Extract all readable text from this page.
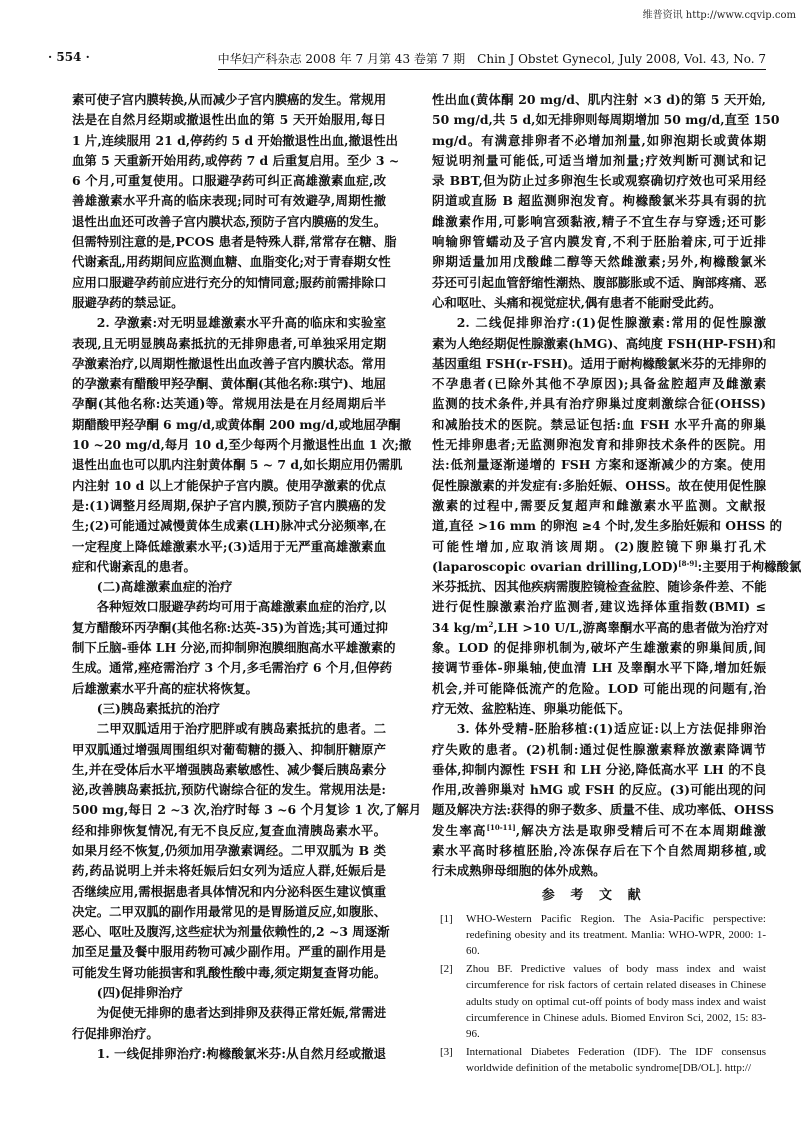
维普资讯 http://www.cqvip.com
· 554 ·	中华妇产科杂志 2008 年 7 月第 43 卷第 7 期　Chin J Obstet Gynecol, July 2008, Vol. 43, No. 7
素可使子宫内膜转换,从而减少子宫内膜癌的发生。常规用
法是在自然月经期或撤退性出血的第 5 天开始服用,每日
1 片,连续服用 21 d,停药约 5 d 开始撤退性出血,撤退性出
血第 5 天重新开始用药,或停药 7 d 后重复启用。至少 3 ~
6 个月,可重复使用。口服避孕药可纠正高雄激素血症,改
善雄激素水平升高的临床表现;同时可有效避孕,周期性撤
退性出血还可改善子宫内膜状态,预防子宫内膜癌的发生。
但需特别注意的是,PCOS 患者是特殊人群,常常存在糖、脂
代谢紊乱,用药期间应监测血糖、血脂变化;对于青春期女性
应用口服避孕药前应进行充分的知情同意;服药前需排除口
服避孕药的禁忌证。
2. 孕激素:对无明显雄激素水平升高的临床和实验室
表现,且无明显胰岛素抵抗的无排卵患者,可单独采用定期
孕激素治疗,以周期性撤退性出血改善子宫内膜状态。常用
的孕激素有醋酸甲羟孕酮、黄体酮(其他名称:琪宁)、地屈
孕酮(其他名称:达芙通)等。常规用法是在月经周期后半
期醋酸甲羟孕酮 6 mg/d,或黄体酮 200 mg/d,或地屈孕酮
10 ~20 mg/d,每月 10 d,至少每两个月撤退性出血 1 次;撤
退性出血也可以肌内注射黄体酮 5 ~ 7 d,如长期应用仍需肌
内注射 10 d 以上才能保护子宫内膜。使用孕激素的优点
是:(1)调整月经周期,保护子宫内膜,预防子宫内膜癌的发
生;(2)可能通过减慢黄体生成素(LH)脉冲式分泌频率,在
一定程度上降低雄激素水平;(3)适用于无严重高雄激素血
症和代谢紊乱的患者。
(二)高雄激素血症的治疗
各种短效口服避孕药均可用于高雄激素血症的治疗,以
复方醋酸环丙孕酮(其他名称:达英-35)为首选;其可通过抑
制下丘脑-垂体 LH 分泌,而抑制卵泡膜细胞高水平雄激素的
生成。通常,痤疮需治疗 3 个月,多毛需治疗 6 个月,但停药
后雄激素水平升高的症状将恢复。
(三)胰岛素抵抗的治疗
二甲双胍适用于治疗肥胖或有胰岛素抵抗的患者。二
甲双胍通过增强周围组织对葡萄糖的摄入、抑制肝糖原产
生,并在受体后水平增强胰岛素敏感性、减少餐后胰岛素分
泌,改善胰岛素抵抗,预防代谢综合征的发生。常规用法是:
500 mg,每日 2 ~3 次,治疗时每 3 ~6 个月复诊 1 次,了解月
经和排卵恢复情况,有无不良反应,复查血清胰岛素水平。
如果月经不恢复,仍须加用孕激素调经。二甲双胍为 B 类
药,药品说明上并未将妊娠后妇女列为适应人群,妊娠后是
否继续应用,需根据患者具体情况和内分泌科医生建议慎重
决定。二甲双胍的副作用最常见的是胃肠道反应,如腹胀、
恶心、呕吐及腹泻,这些症状为剂量依赖性的,2 ~3 周逐渐
加至足量及餐中服用药物可减少副作用。严重的副作用是
可能发生肾功能损害和乳酸性酸中毒,须定期复查肾功能。
(四)促排卵治疗
为促使无排卵的患者达到排卵及获得正常妊娠,常需进
行促排卵治疗。
1. 一线促排卵治疗:枸橼酸氯米芬:从自然月经或撤退
性出血(黄体酮 20 mg/d、肌内注射 ×3 d)的第 5 天开始,
50 mg/d,共 5 d,如无排卵则每周期增加 50 mg/d,直至 150
mg/d。有满意排卵者不必增加剂量,如卵泡期长或黄体期
短说明剂量可能低,可适当增加剂量;疗效判断可测试和记
录 BBT,但为防止过多卵泡生长或观察确切疗效也可采用经
阴道或直肠 B 超监测卵泡发育。枸橼酸氯米芬具有弱的抗
雌激素作用,可影响宫颈黏液,精子不宜生存与穿透;还可影
响输卵管蠕动及子宫内膜发育,不利于胚胎着床,可于近排
卵期适量加用戊酸雌二醇等天然雌激素;另外,枸橼酸氯米
芬还可引起血管舒缩性潮热、腹部膨胀或不适、胸部疼痛、恶
心和呕吐、头痛和视觉症状,偶有患者不能耐受此药。
2. 二线促排卵治疗:(1)促性腺激素:常用的促性腺激
素为人绝经期促性腺激素(hMG)、高纯度 FSH(HP-FSH)和
基因重组 FSH(r-FSH)。适用于耐枸橼酸氯米芬的无排卵的
不孕患者(已除外其他不孕原因);具备盆腔超声及雌激素
监测的技术条件,并具有治疗卵巢过度刺激综合征(OHSS)
和减胎技术的医院。禁忌证包括:血 FSH 水平升高的卵巢
性无排卵患者;无监测卵泡发育和排卵技术条件的医院。用
法:低剂量逐渐递增的 FSH 方案和逐渐减少的方案。使用
促性腺激素的并发症有:多胎妊娠、OHSS。故在使用促性腺
激素的过程中,需要反复超声和雌激素水平监测。文献报
道,直径 >16 mm 的卵泡 ≥4 个时,发生多胎妊娠和 OHSS 的
可能性增加,应取消该周期。(2)腹腔镜下卵巢打孔术
(laparoscopic ovarian drilling,LOD)[8-9]:主要用于枸橼酸氯
米芬抵抗、因其他疾病需腹腔镜检查盆腔、随诊条件差、不能
进行促性腺激素治疗监测者,建议选择体重指数(BMI) ≤
34 $kg/m^2,LH >10$ U/L,游离睾酮水平高的患者做为治疗对
象。LOD 的促排卵机制为,破坏产生雄激素的卵巢间质,间
接调节垂体-卵巢轴,使血清 LH 及睾酮水平下降,增加妊娠
机会,并可能降低流产的危险。LOD 可能出现的问题有,治
疗无效、盆腔粘连、卵巢功能低下。
3. 体外受精-胚胎移植:(1)适应证:以上方法促排卵治
疗失败的患者。(2)机制:通过促性腺激素释放激素降调节
垂体,抑制内源性 FSH 和 LH 分泌,降低高水平 LH 的不良
作用,改善卵巢对 hMG 或 FSH 的反应。(3)可能出现的问
题及解决方法:获得的卵子数多、质量不佳、成功率低、OHSS
发生率高[10-11],解决方法是取卵受精后可不在本周期雌激
素水平高时移植胚胎,冷冻保存后在下个自然周期移植,或
行未成熟卵母细胞的体外成熟。
参考文献
[1]	WHO-Western Pacific Region. The Asia-Pacific perspective: redefining obesity and its treatment. Manlia: WHO-WPR, 2000: 1-60.
[2]	Zhou BF. Predictive values of body mass index and waist circumference for risk factors of certain related diseases in Chinese adults study on optimal cut-off points of body mass index and waist circumference in Chinese aduls. Biomed Environ Sci, 2002, 15: 83-96.
[3]	International Diabetes Federation (IDF). The IDF consensus worldwide definition of the metabolic syndrome[DB/OL]. http://
